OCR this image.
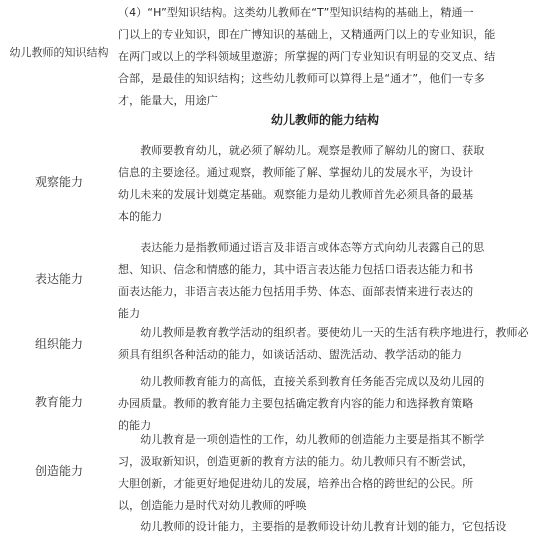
幼儿教师的知识结构
（4）“H”型知识结构。这类幼儿教师在“T”型知识结构的基础上，精通一
门以上的专业知识，即在广博知识的基础上，又精通两门以上的专业知识，能
在两门或以上的学科领域里遨游；所掌握的两门专业知识有明显的交叉点、结
合部，是最佳的知识结构；这些幼儿教师可以算得上是“通才”，他们一专多
才，能量大，用途广
幼儿教师的能力结构
观察能力
　　教师要教育幼儿，就必须了解幼儿。观察是教师了解幼儿的窗口、获取
信息的主要途径。通过观察，教师能了解、掌握幼儿的发展水平，为设计
幼儿未来的发展计划奠定基础。观察能力是幼儿教师首先必须具备的最基
本的能力
表达能力
　　表达能力是指教师通过语言及非语言或体态等方式向幼儿表露自己的思
想、知识、信念和情感的能力，其中语言表达能力包括口语表达能力和书
面表达能力，非语言表达能力包括用手势、体态、面部表情来进行表达的
能力
组织能力
　　幼儿教师是教育教学活动的组织者。要使幼儿一天的生活有秩序地进行，教师必
须具有组织各种活动的能力，如谈话活动、盥洗活动、教学活动的能力
教育能力
　　幼儿教师教育能力的高低，直接关系到教育任务能否完成以及幼儿园的
办园质量。教师的教育能力主要包括确定教育内容的能力和选择教育策略
的能力
创造能力
　　幼儿教育是一项创造性的工作，幼儿教师的创造能力主要是指其不断学
习，汲取新知识，创造更新的教育方法的能力。幼儿教师只有不断尝试，
大胆创新，才能更好地促进幼儿的发展，培养出合格的跨世纪的公民。所
以，创造能力是时代对幼儿教师的呼唤
　　幼儿教师的设计能力，主要指的是教师设计幼儿教育计划的能力，它包括设
